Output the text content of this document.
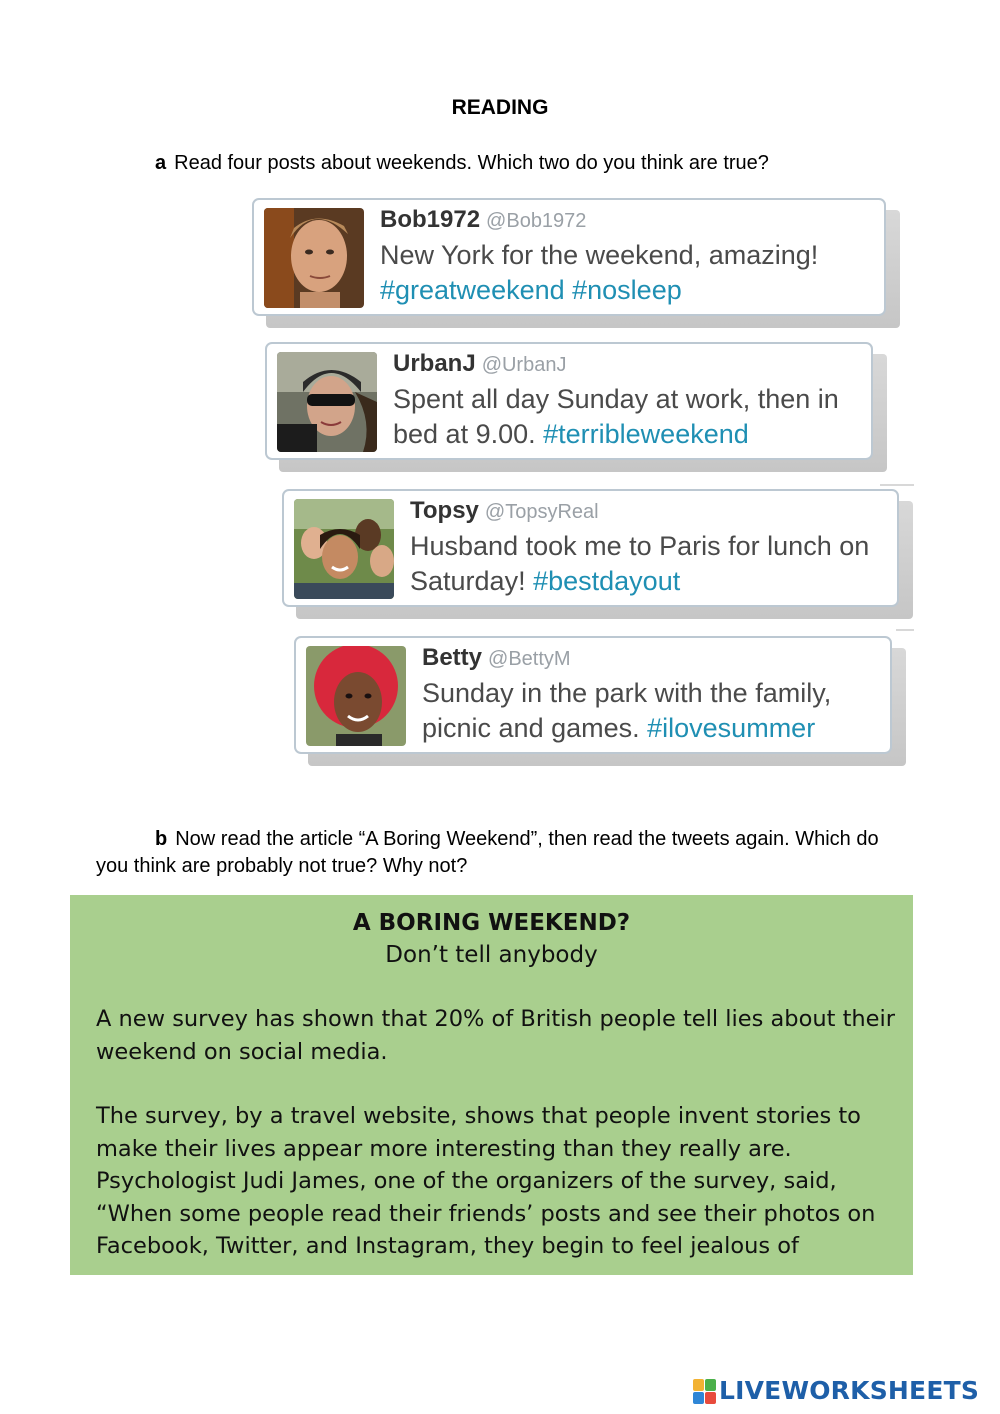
READING
a Read four posts about weekends. Which two do you think are true?
Bob1972 @Bob1972
New York for the weekend, amazing!
#greatweekend #nosleep
UrbanJ @UrbanJ
Spent all day Sunday at work, then in bed at 9.00. #terribleweekend
Topsy @TopsyReal
Husband took me to Paris for lunch on Saturday! #bestdayout
Betty @BettyM
Sunday in the park with the family, picnic and games. #ilovesummer
b Now read the article “A Boring Weekend”, then read the tweets again. Which do you think are probably not true? Why not?
A BORING WEEKEND?
Don’t tell anybody
A new survey has shown that 20% of British people tell lies about their weekend on social media.
The survey, by a travel website, shows that people invent stories to make their lives appear more interesting than they really are. Psychologist Judi James, one of the organizers of the survey, said, “When some people read their friends’ posts and see their photos on Facebook, Twitter, and Instagram, they begin to feel jealous of
LIVEWORKSHEETS
